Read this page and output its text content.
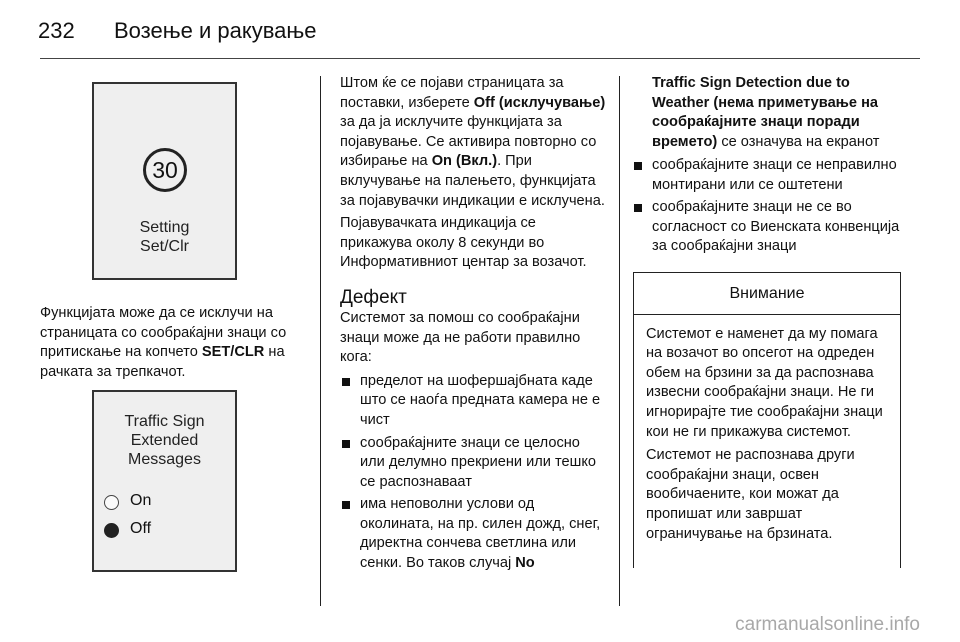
232 Возење и ракување
30
Setting
Set/Clr

Функцијата може да се исклучи на страницата со сообраќајни знаци со притискање на копчето SET/CLR на рачката за трепкачот.

Traffic Sign
Extended
Messages
On
Off

Штом ќе се појави страницата за поставки, изберете Off (исклучување) за да ја исклучите функцијата за појавување. Се активира повторно со избирање на On (Вкл.). При вклучување на палењето, функцијата за појавувачки индикации е исклучена.

Појавувачката индикација се прикажува околу 8 секунди во Информативниот центар за возачот.

Дефект

Системот за помош со сообраќајни знаци може да не работи правилно кога:

пределот на шофершајбната каде што се наоѓа предната камера не е чист
сообраќајните знаци се целосно или делумно прекриени или тешко се распознаваат
има неповолни услови од околината, на пр. силен дожд, снег, директна сончева светлина или сенки. Во таков случај No

Traffic Sign Detection due to Weather (нема приметување на сообраќајните знаци поради времето) се означува на екранот

сообраќајните знаци се неправилно монтирани или се оштетени
сообраќајните знаци не се во согласност со Виенската конвенција за сообраќајни знаци
Внимание

Системот е наменет да му помага на возачот во опсегот на одреден обем на брзини за да распознава извесни сообраќајни знаци. Не ги игнорирајте тие сообраќајни знаци кои не ги прикажува системот.

Системот не распознава други сообраќајни знаци, освен вообичаените, кои можат да пропишат или завршат ограничување на брзината.

carmanualsonline.info
